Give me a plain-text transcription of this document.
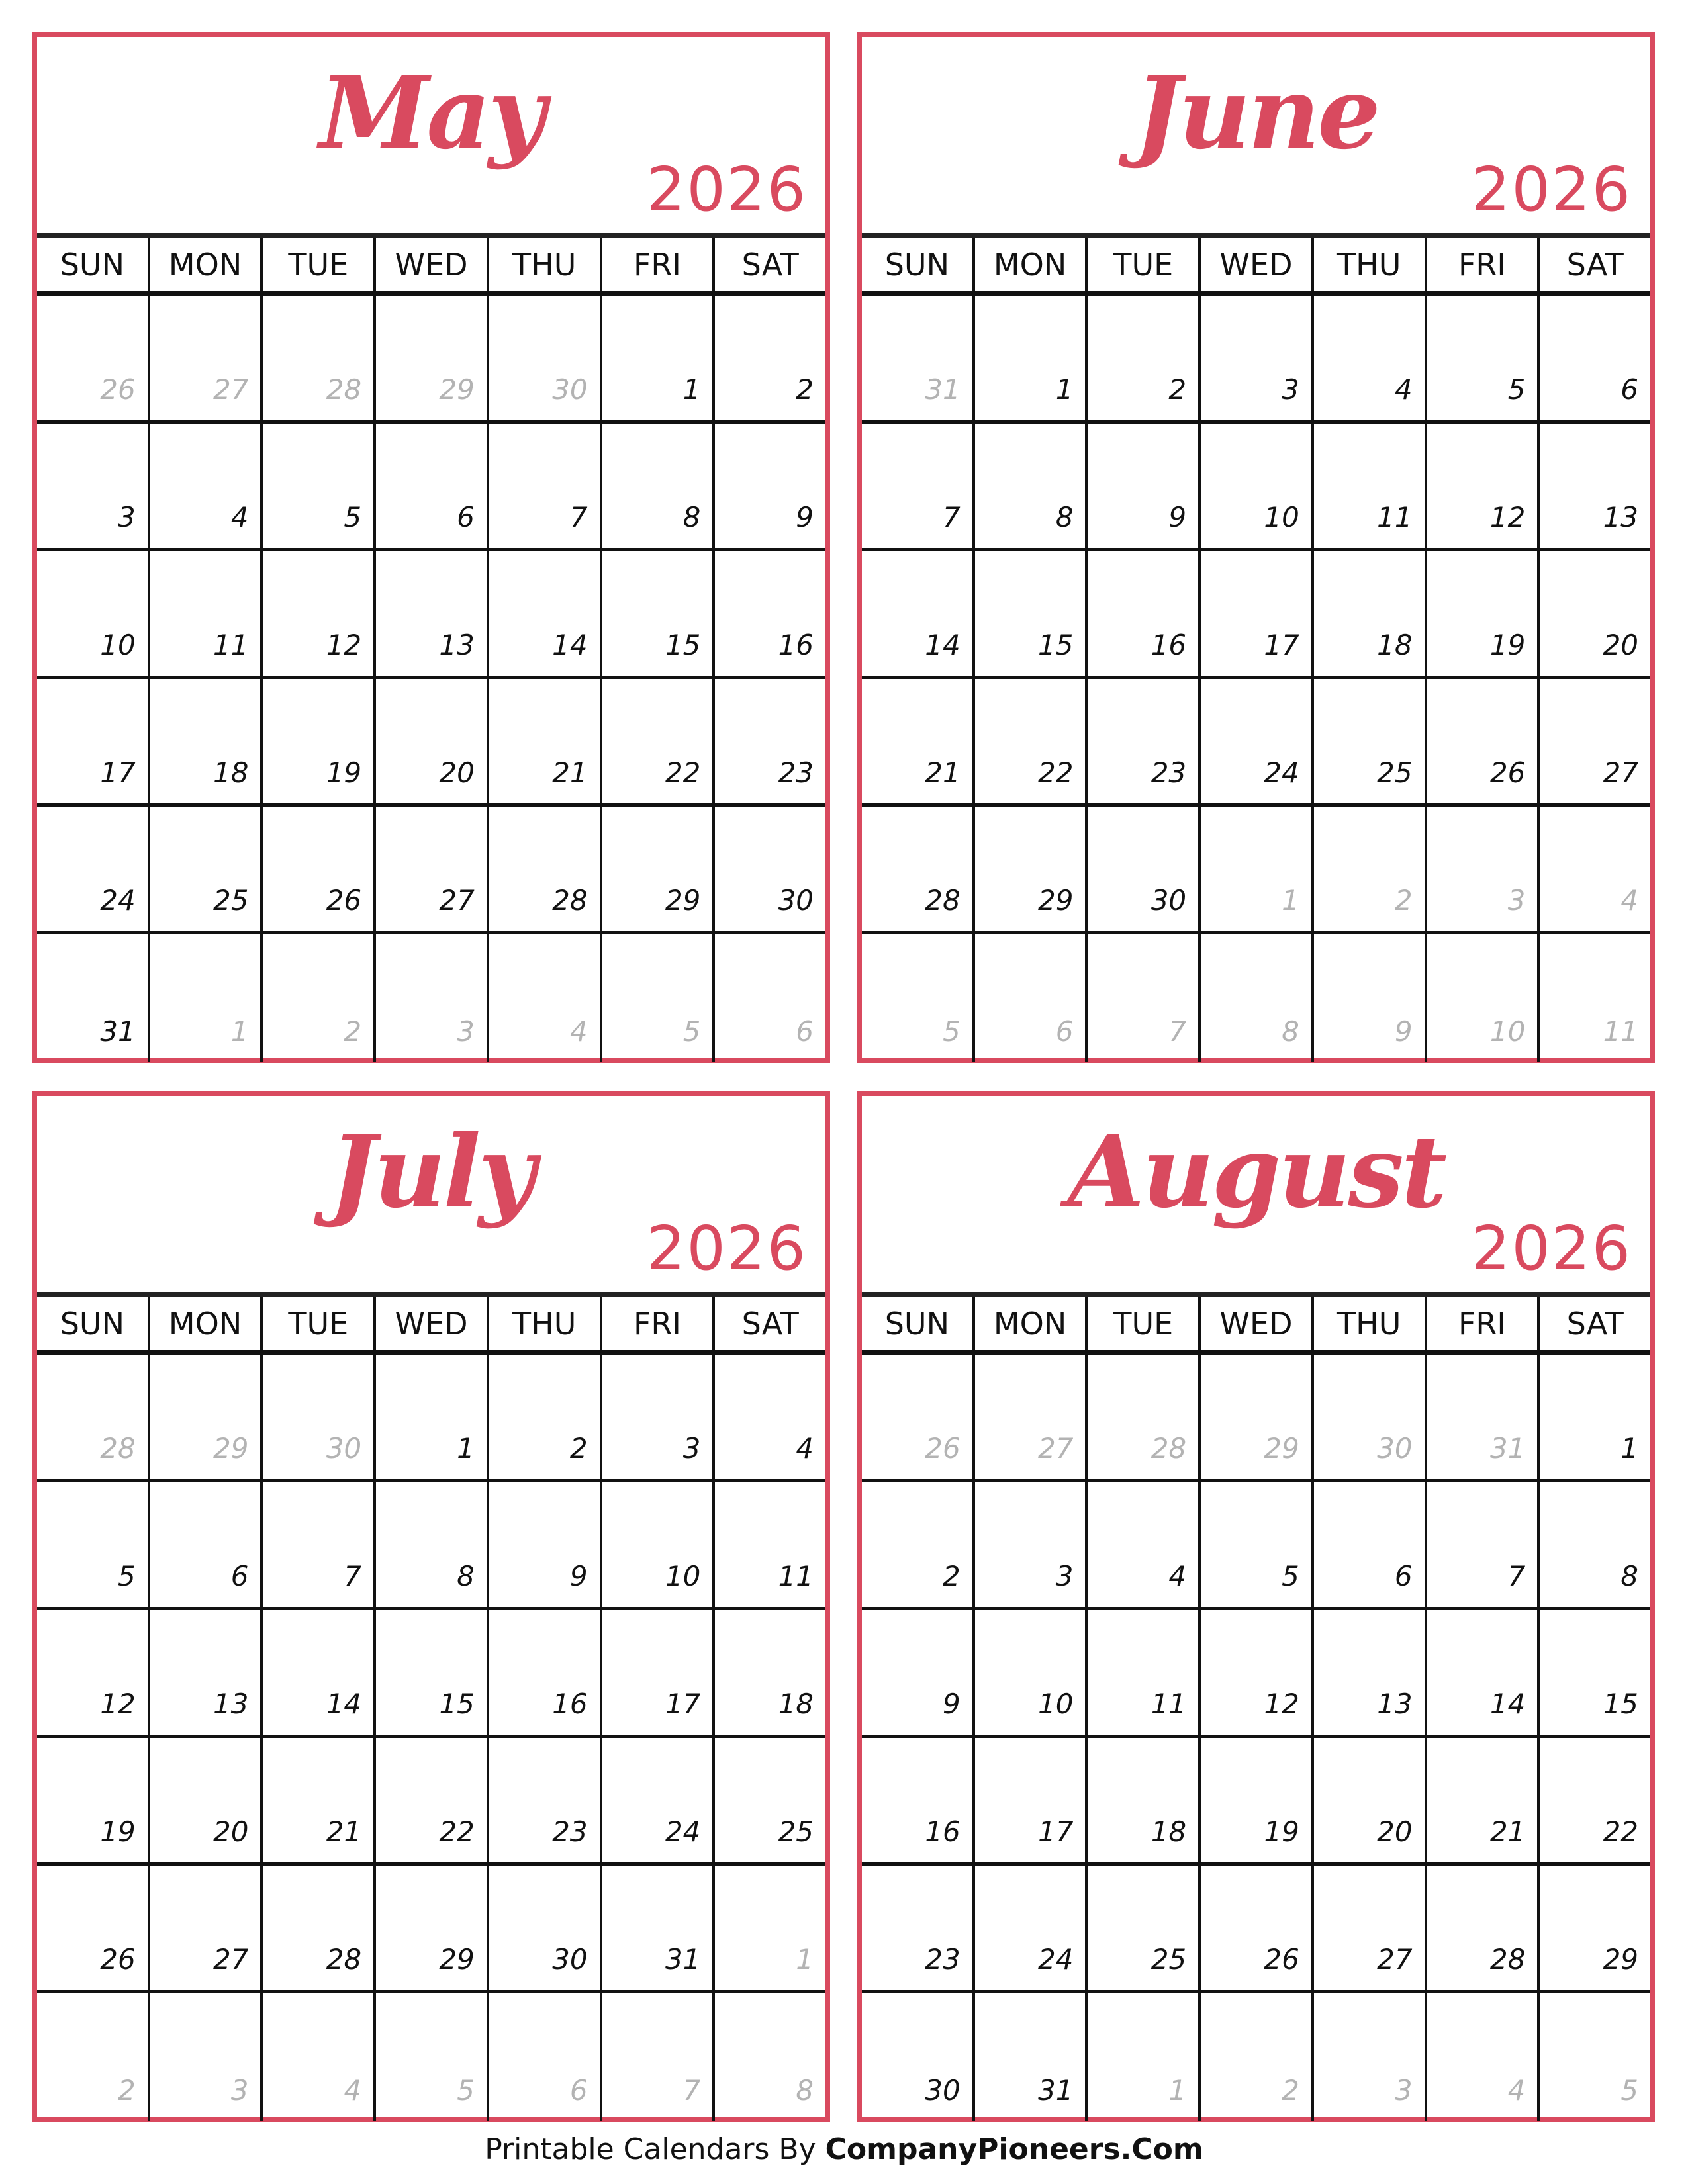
May
2026
SUN	MON	TUE	WED	THU	FRI	SAT
26	27	28	29	30	1	2
3	4	5	6	7	8	9
10	11	12	13	14	15	16
17	18	19	20	21	22	23
24	25	26	27	28	29	30
31	1	2	3	4	5	6
June
2026
SUN	MON	TUE	WED	THU	FRI	SAT
31	1	2	3	4	5	6
7	8	9	10	11	12	13
14	15	16	17	18	19	20
21	22	23	24	25	26	27
28	29	30	1	2	3	4
5	6	7	8	9	10	11
July
2026
SUN	MON	TUE	WED	THU	FRI	SAT
28	29	30	1	2	3	4
5	6	7	8	9	10	11
12	13	14	15	16	17	18
19	20	21	22	23	24	25
26	27	28	29	30	31	1
2	3	4	5	6	7	8
August
2026
SUN	MON	TUE	WED	THU	FRI	SAT
26	27	28	29	30	31	1
2	3	4	5	6	7	8
9	10	11	12	13	14	15
16	17	18	19	20	21	22
23	24	25	26	27	28	29
30	31	1	2	3	4	5
Printable Calendars By CompanyPioneers.Com
